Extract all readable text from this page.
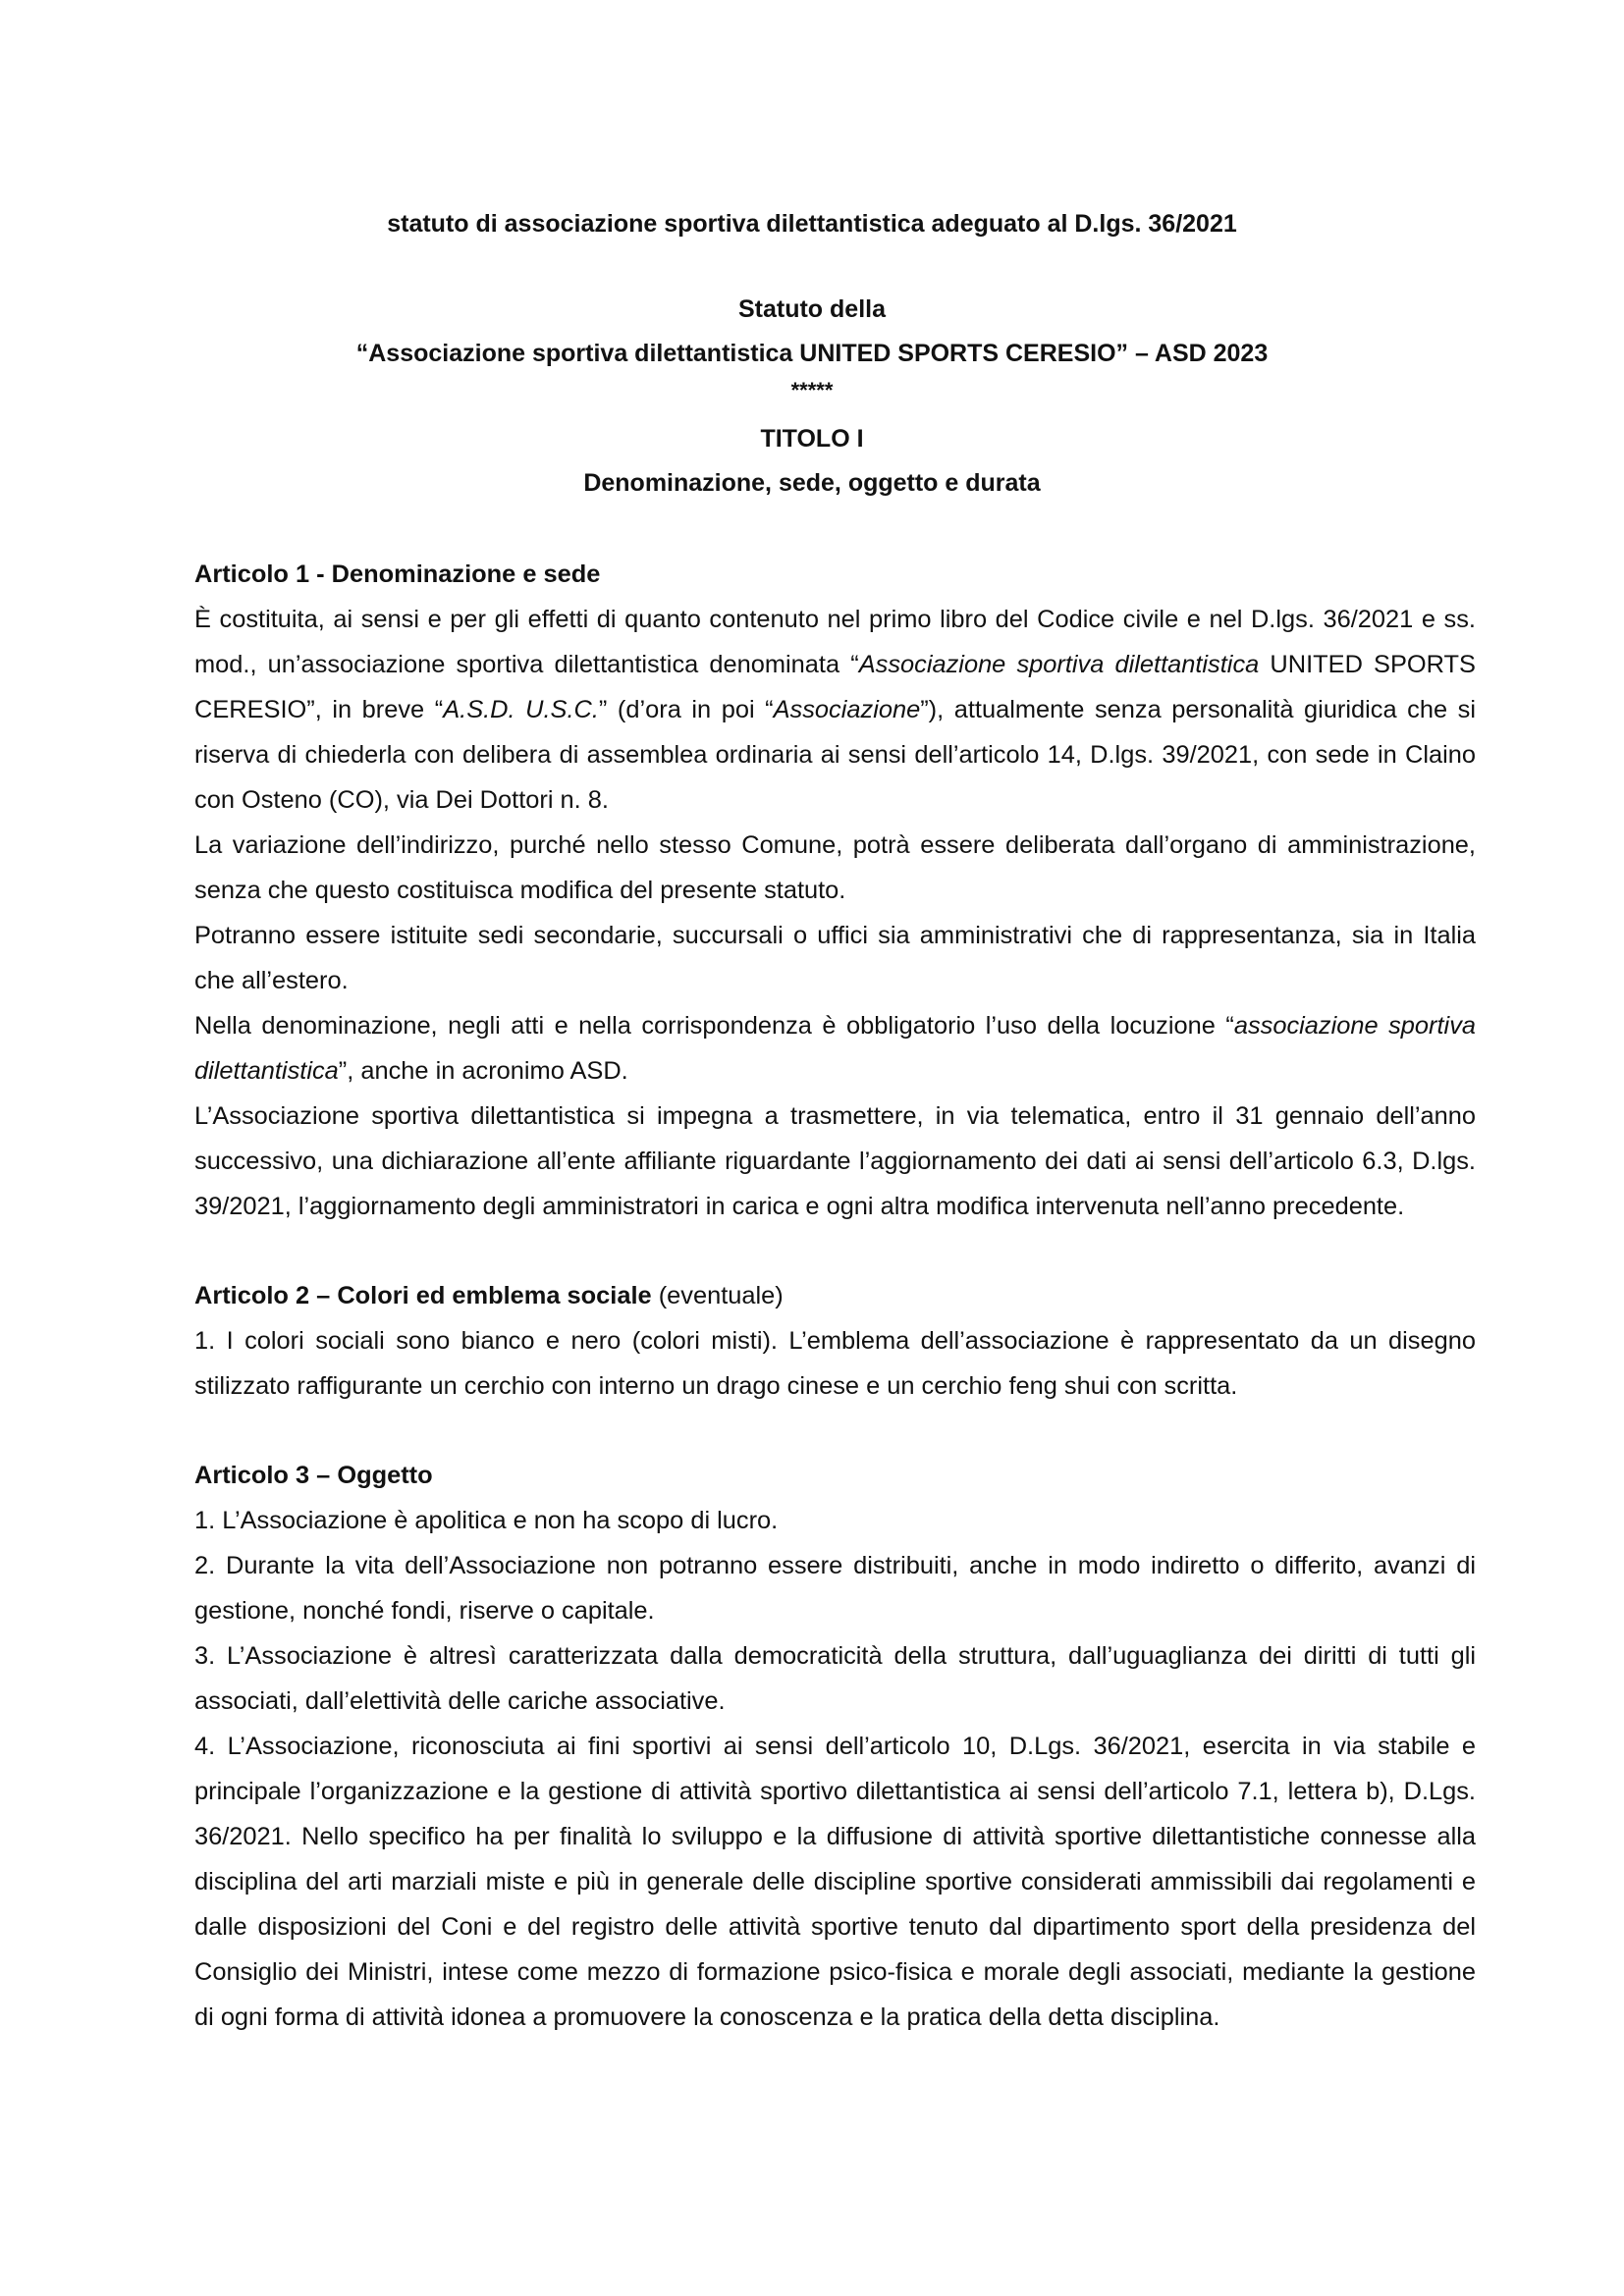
statuto di associazione sportiva dilettantistica adeguato al D.lgs. 36/2021
Statuto della
“Associazione sportiva dilettantistica UNITED SPORTS CERESIO” – ASD 2023
*****
TITOLO I
Denominazione, sede, oggetto e durata
Articolo 1 - Denominazione e sede

È costituita, ai sensi e per gli effetti di quanto contenuto nel primo libro del Codice civile e nel D.lgs. 36/2021 e ss. mod., un’associazione sportiva dilettantistica denominata “Associazione sportiva dilettantistica UNITED SPORTS CERESIO”, in breve “A.S.D. U.S.C.” (d’ora in poi “Associazione”), attualmente senza personalità giuridica che si riserva di chiederla con delibera di assemblea ordinaria ai sensi dell’articolo 14, D.lgs. 39/2021, con sede in Claino con Osteno (CO), via Dei Dottori n. 8.

La variazione dell’indirizzo, purché nello stesso Comune, potrà essere deliberata dall’organo di amministrazione, senza che questo costituisca modifica del presente statuto.

Potranno essere istituite sedi secondarie, succursali o uffici sia amministrativi che di rappresentanza, sia in Italia che all’estero.

Nella denominazione, negli atti e nella corrispondenza è obbligatorio l’uso della locuzione “associazione sportiva dilettantistica”, anche in acronimo ASD.

L’Associazione sportiva dilettantistica si impegna a trasmettere, in via telematica, entro il 31 gennaio dell’anno successivo, una dichiarazione all’ente affiliante riguardante l’aggiornamento dei dati ai sensi dell’articolo 6.3, D.lgs. 39/2021, l’aggiornamento degli amministratori in carica e ogni altra modifica intervenuta nell’anno precedente.

Articolo 2 – Colori ed emblema sociale (eventuale)

1. I colori sociali sono bianco e nero (colori misti). L’emblema dell’associazione è rappresentato da un disegno stilizzato raffigurante un cerchio con interno un drago cinese e un cerchio feng shui con scritta.

Articolo 3 – Oggetto

1. L’Associazione è apolitica e non ha scopo di lucro.

2. Durante la vita dell’Associazione non potranno essere distribuiti, anche in modo indiretto o differito, avanzi di gestione, nonché fondi, riserve o capitale.

3. L’Associazione è altresì caratterizzata dalla democraticità della struttura, dall’uguaglianza dei diritti di tutti gli associati, dall’elettività delle cariche associative.

4. L’Associazione, riconosciuta ai fini sportivi ai sensi dell’articolo 10, D.Lgs. 36/2021, esercita in via stabile e principale l’organizzazione e la gestione di attività sportivo dilettantistica ai sensi dell’articolo 7.1, lettera b), D.Lgs. 36/2021. Nello specifico ha per finalità lo sviluppo e la diffusione di attività sportive dilettantistiche connesse alla disciplina del arti marziali miste e più in generale delle discipline sportive considerati ammissibili dai regolamenti e dalle disposizioni del Coni e del registro delle attività sportive tenuto dal dipartimento sport della presidenza del Consiglio dei Ministri, intese come mezzo di formazione psico-fisica e morale degli associati, mediante la gestione di ogni forma di attività idonea a promuovere la conoscenza e la pratica della detta disciplina.
